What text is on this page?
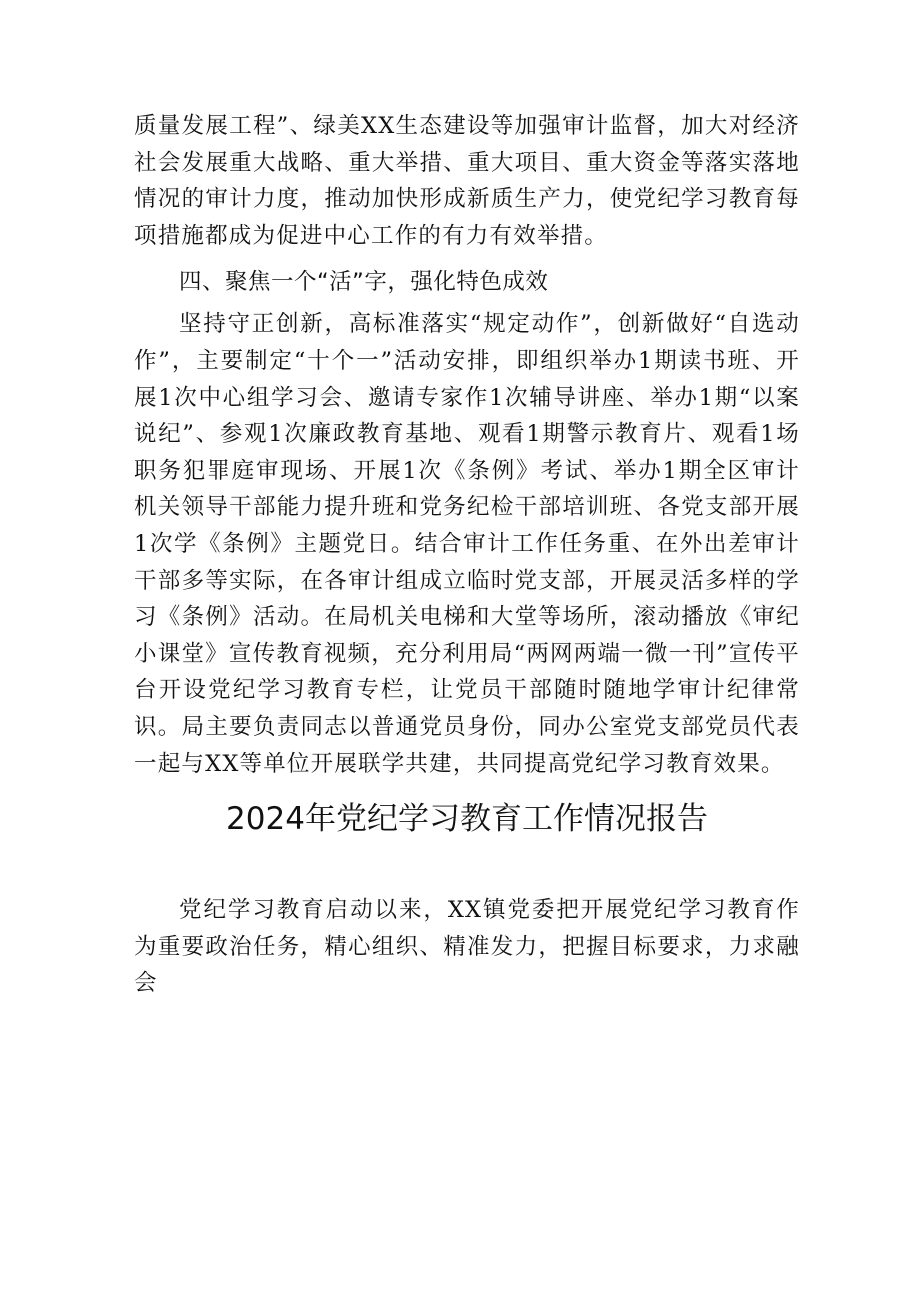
质量发展工程”、绿美XX生态建设等加强审计监督，加大对经济社会发展重大战略、重大举措、重大项目、重大资金等落实落地情况的审计力度，推动加快形成新质生产力，使党纪学习教育每项措施都成为促进中心工作的有力有效举措。

四、聚焦一个“活”字，强化特色成效

坚持守正创新，高标准落实“规定动作”，创新做好“自选动作”，主要制定“十个一”活动安排，即组织举办1期读书班、开展1次中心组学习会、邀请专家作1次辅导讲座、举办1期“以案说纪”、参观1次廉政教育基地、观看1期警示教育片、观看1场职务犯罪庭审现场、开展1次《条例》考试、举办1期全区审计机关领导干部能力提升班和党务纪检干部培训班、各党支部开展1次学《条例》主题党日。结合审计工作任务重、在外出差审计干部多等实际，在各审计组成立临时党支部，开展灵活多样的学习《条例》活动。在局机关电梯和大堂等场所，滚动播放《审纪小课堂》宣传教育视频，充分利用局“两网两端一微一刊”宣传平台开设党纪学习教育专栏，让党员干部随时随地学审计纪律常识。局主要负责同志以普通党员身份，同办公室党支部党员代表一起与XX等单位开展联学共建，共同提高党纪学习教育效果。

2024年党纪学习教育工作情况报告

党纪学习教育启动以来，XX镇党委把开展党纪学习教育作为重要政治任务，精心组织、精准发力，把握目标要求，力求融会
